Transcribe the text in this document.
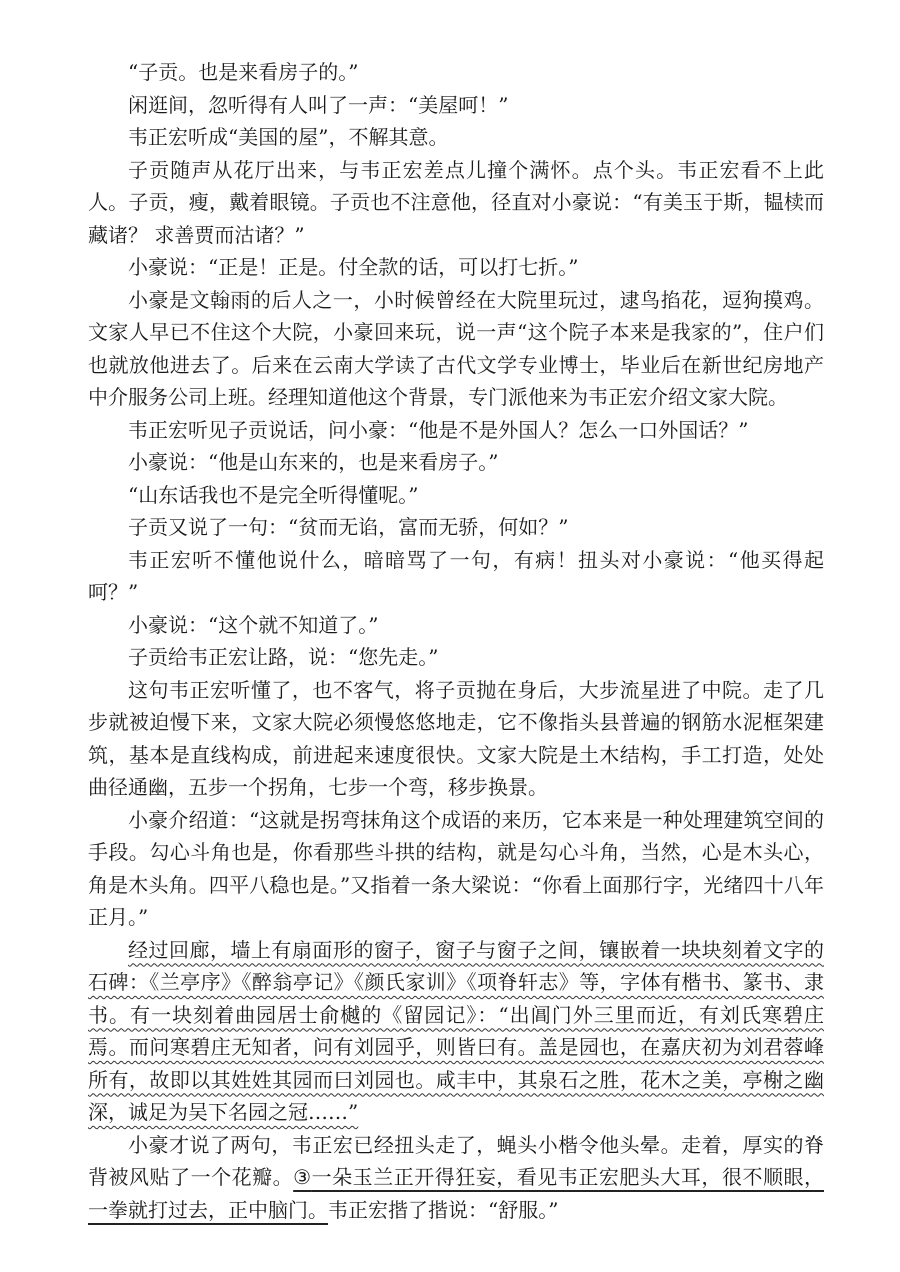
“子贡。也是来看房子的。”

闲逛间，忽听得有人叫了一声：“美屋呵！”

韦正宏听成“美国的屋”，不解其意。

子贡随声从花厅出来，与韦正宏差点儿撞个满怀。点个头。韦正宏看不上此人。子贡，瘦，戴着眼镜。子贡也不注意他，径直对小豪说：“有美玉于斯，韫椟而藏诸？ 求善贾而沽诸？”

小豪说：“正是！正是。付全款的话，可以打七折。”

小豪是文翰雨的后人之一，小时候曾经在大院里玩过，逮鸟掐花，逗狗摸鸡。文家人早已不住这个大院，小豪回来玩，说一声“这个院子本来是我家的”，住户们也就放他进去了。后来在云南大学读了古代文学专业博士，毕业后在新世纪房地产中介服务公司上班。经理知道他这个背景，专门派他来为韦正宏介绍文家大院。

韦正宏听见子贡说话，问小豪：“他是不是外国人？怎么一口外国话？”

小豪说：“他是山东来的，也是来看房子。”

“山东话我也不是完全听得懂呢。”

子贡又说了一句：“贫而无谄，富而无骄，何如？”

韦正宏听不懂他说什么，暗暗骂了一句，有病！扭头对小豪说：“他买得起呵？”

小豪说：“这个就不知道了。”

子贡给韦正宏让路，说：“您先走。”

这句韦正宏听懂了，也不客气，将子贡抛在身后，大步流星进了中院。走了几步就被迫慢下来，文家大院必须慢悠悠地走，它不像指头县普遍的钢筋水泥框架建筑，基本是直线构成，前进起来速度很快。文家大院是土木结构，手工打造，处处曲径通幽，五步一个拐角，七步一个弯，移步换景。

小豪介绍道：“这就是拐弯抹角这个成语的来历，它本来是一种处理建筑空间的手段。勾心斗角也是，你看那些斗拱的结构，就是勾心斗角，当然，心是木头心，角是木头角。四平八稳也是。”又指着一条大梁说：“你看上面那行字，光绪四十八年正月。”

经过回廊，墙上有扇面形的窗子，窗子与窗子之间，镶嵌着一块块刻着文字的石碑：《兰亭序》《醉翁亭记》《颜氏家训》《项脊轩志》等，字体有楷书、篆书、隶书。有一块刻着曲园居士俞樾的《留园记》：“出阊门外三里而近，有刘氏寒碧庄焉。而问寒碧庄无知者，问有刘园乎，则皆曰有。盖是园也，在嘉庆初为刘君蓉峰所有，故即以其姓姓其园而曰刘园也。咸丰中，其泉石之胜，花木之美，亭榭之幽深，诚足为吴下名园之冠……”

小豪才说了两句，韦正宏已经扭头走了，蝇头小楷令他头晕。走着，厚实的脊背被风贴了一个花瓣。③一朵玉兰正开得狂妄，看见韦正宏肥头大耳，很不顺眼，一拳就打过去，正中脑门。韦正宏揩了揩说：“舒服。”
